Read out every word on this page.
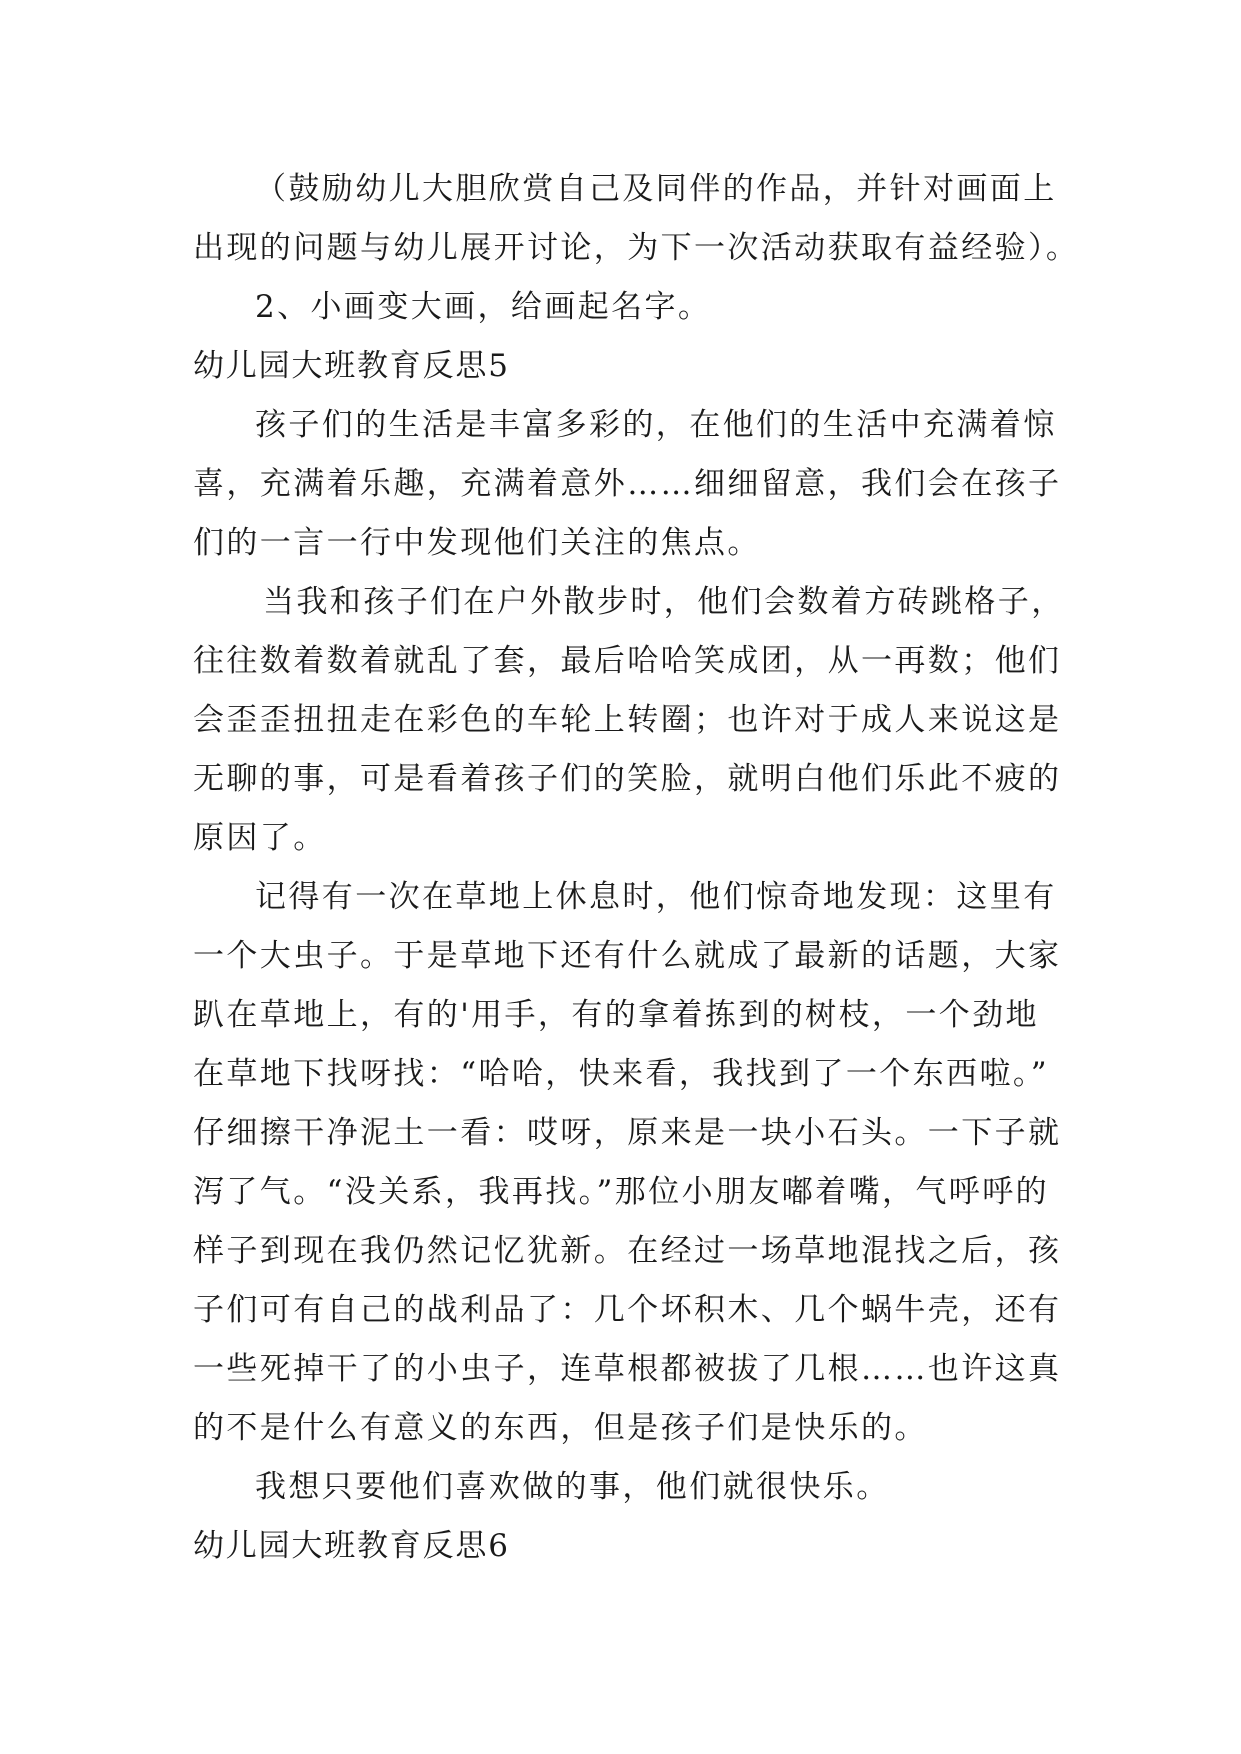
（鼓励幼儿大胆欣赏自己及同伴的作品，并针对画面上
出现的问题与幼儿展开讨论，为下一次活动获取有益经验）。
2、小画变大画，给画起名字。
幼儿园大班教育反思5
孩子们的生活是丰富多彩的，在他们的生活中充满着惊
喜，充满着乐趣，充满着意外……细细留意，我们会在孩子
们的一言一行中发现他们关注的焦点。
当我和孩子们在户外散步时，他们会数着方砖跳格子，
往往数着数着就乱了套，最后哈哈笑成团，从一再数；他们
会歪歪扭扭走在彩色的车轮上转圈；也许对于成人来说这是
无聊的事，可是看着孩子们的笑脸，就明白他们乐此不疲的
原因了。
记得有一次在草地上休息时，他们惊奇地发现：这里有
一个大虫子。于是草地下还有什么就成了最新的话题，大家
趴在草地上，有的'用手，有的拿着拣到的树枝，一个劲地
在草地下找呀找：“哈哈，快来看，我找到了一个东西啦。”
仔细擦干净泥土一看：哎呀，原来是一块小石头。一下子就
泻了气。“没关系，我再找。”那位小朋友嘟着嘴，气呼呼的
样子到现在我仍然记忆犹新。在经过一场草地混找之后，孩
子们可有自己的战利品了：几个坏积木、几个蜗牛壳，还有
一些死掉干了的小虫子，连草根都被拔了几根……也许这真
的不是什么有意义的东西，但是孩子们是快乐的。
我想只要他们喜欢做的事，他们就很快乐。
幼儿园大班教育反思6
